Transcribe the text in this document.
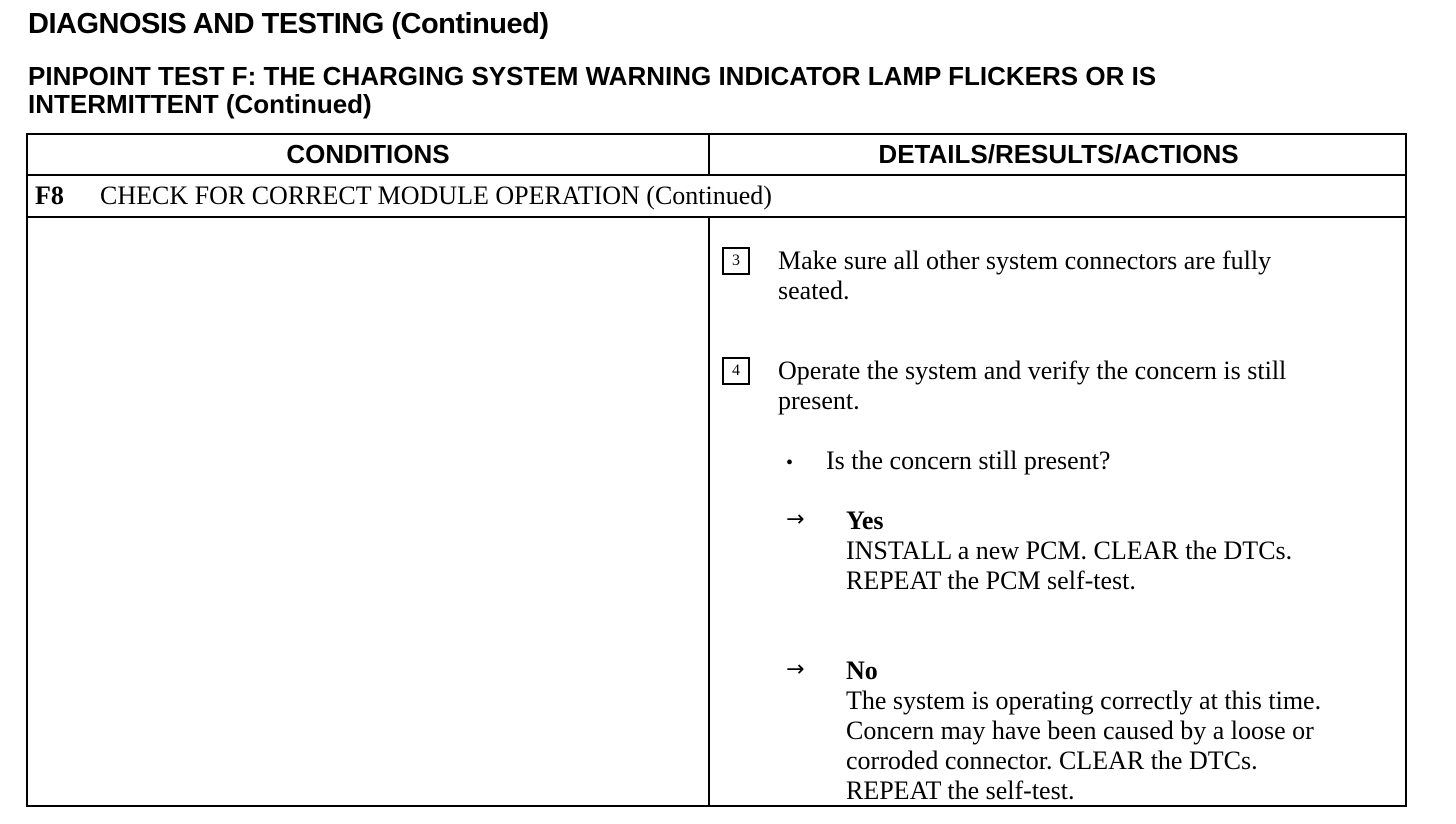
DIAGNOSIS AND TESTING (Continued)
PINPOINT TEST F: THE CHARGING SYSTEM WARNING INDICATOR LAMP FLICKERS OR IS
INTERMITTENT (Continued)
CONDITIONS	DETAILS/RESULTS/ACTIONS
F8 CHECK FOR CORRECT MODULE OPERATION (Continued)
3	Make sure all other system connectors are fully
seated.
4	Operate the system and verify the concern is still
present.
• Is the concern still present?
→ Yes
INSTALL a new PCM. CLEAR the DTCs.
REPEAT the PCM self-test.
→ No
The system is operating correctly at this time.
Concern may have been caused by a loose or
corroded connector. CLEAR the DTCs.
REPEAT the self-test.
